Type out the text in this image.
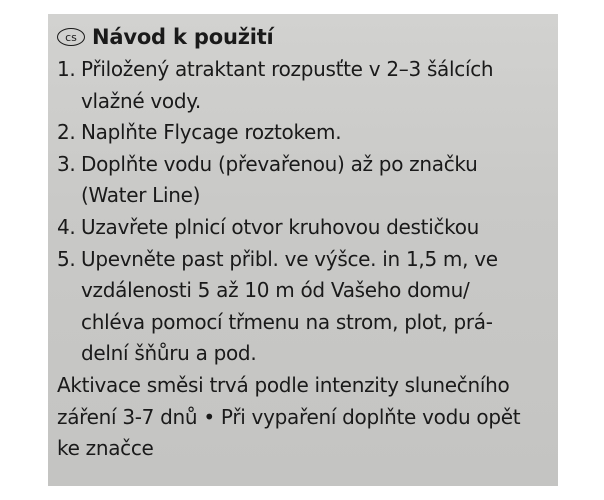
cs Návod k použití
1. Přiložený atraktant rozpusťte v 2–3 šálcích
vlažné vody.
2. Naplňte Flycage roztokem.
3. Doplňte vodu (převařenou) až po značku
(Water Line)
4. Uzavřete plnicí otvor kruhovou destičkou
5. Upevněte past přibl. ve výšce. in 1,5 m, ve
vzdálenosti 5 až 10 m ód Vašeho domu/
chléva pomocí třmenu na strom, plot, prá-
delní šňůru a pod.
Aktivace směsi trvá podle intenzity slunečního
záření 3-7 dnů • Při vypaření doplňte vodu opět
ke značce
